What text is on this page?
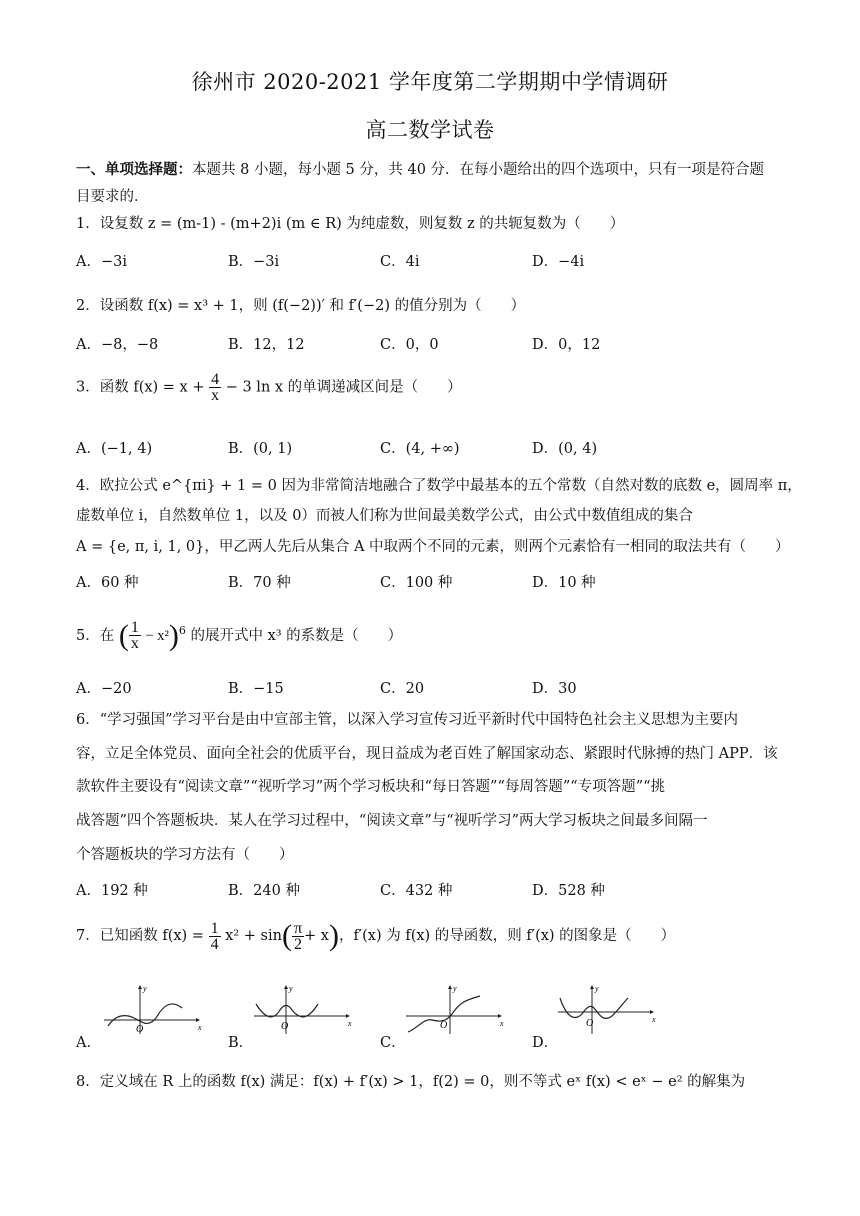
徐州市 2020-2021 学年度第二学期期中学情调研
高二数学试卷
一、单项选择题：本题共 8 小题，每小题 5 分，共 40 分．在每小题给出的四个选项中，只有一项是符合题
目要求的．
1．设复数 z = (m-1) - (m+2)i (m ∈ R) 为纯虚数，则复数 z 的共轭复数为（　　）
A．−3i	B．−3i	C．4i	D．−4i
2．设函数 f(x) = x³ + 1，则 (f(−2))′ 和 f′(−2) 的值分别为（　　）
A．−8，−8	B．12，12	C．0，0	D．0，12
3．函数 $f(x) = x + \frac{4}{x} - 3$ ln x 的单调递减区间是（　　）
A．(−1, 4)	B．(0, 1)	C．(4, +∞)	D．(0, 4)
4．欧拉公式 e^{πi} + 1 = 0 因为非常简洁地融合了数学中最基本的五个常数（自然对数的底数 e，圆周率 π，
虚数单位 i，自然数单位 1，以及 0）而被人们称为世间最美数学公式，由公式中数值组成的集合
A = {e, π, i, 1, 0}，甲乙两人先后从集合 A 中取两个不同的元素，则两个元素恰有一相同的取法共有（　　）
A．60 种	B．70 种	C．100 种	D．10 种
5．在 ( $\frac{1}{x} - x^2)^6$ 的展开式中 x³ 的系数是（　　）
A．−20	B．−15	C．20	D．30
6．“学习强国”学习平台是由中宣部主管，以深入学习宣传习近平新时代中国特色社会主义思想为主要内
容，立足全体党员、面向全社会的优质平台，现日益成为老百姓了解国家动态、紧跟时代脉搏的热门 APP．该
款软件主要设有“阅读文章”“视听学习”两个学习板块和“每日答题”“每周答题”“专项答题”“挑
战答题”四个答题板块．某人在学习过程中，“阅读文章”与“视听学习”两大学习板块之间最多间隔一
个答题板块的学习方法有（　　）
A．192 种	B．240 种	C．432 种	D．528 种
7．已知函数 $f(x) = \frac{1}{4} x^2 + \sin( \frac{\pi}{2} + x)$，f′(x) 为 f(x) 的导函数，则 f′(x) 的图象是（　　）
A．
O
y
x
B．
O
y
x
C．
O
y
x
D．
O
y
x
8．定义域在 R 上的函数 f(x) 满足：f(x) + f′(x) > 1，f(2) = 0，则不等式 eˣ f(x) < eˣ − e² 的解集为
